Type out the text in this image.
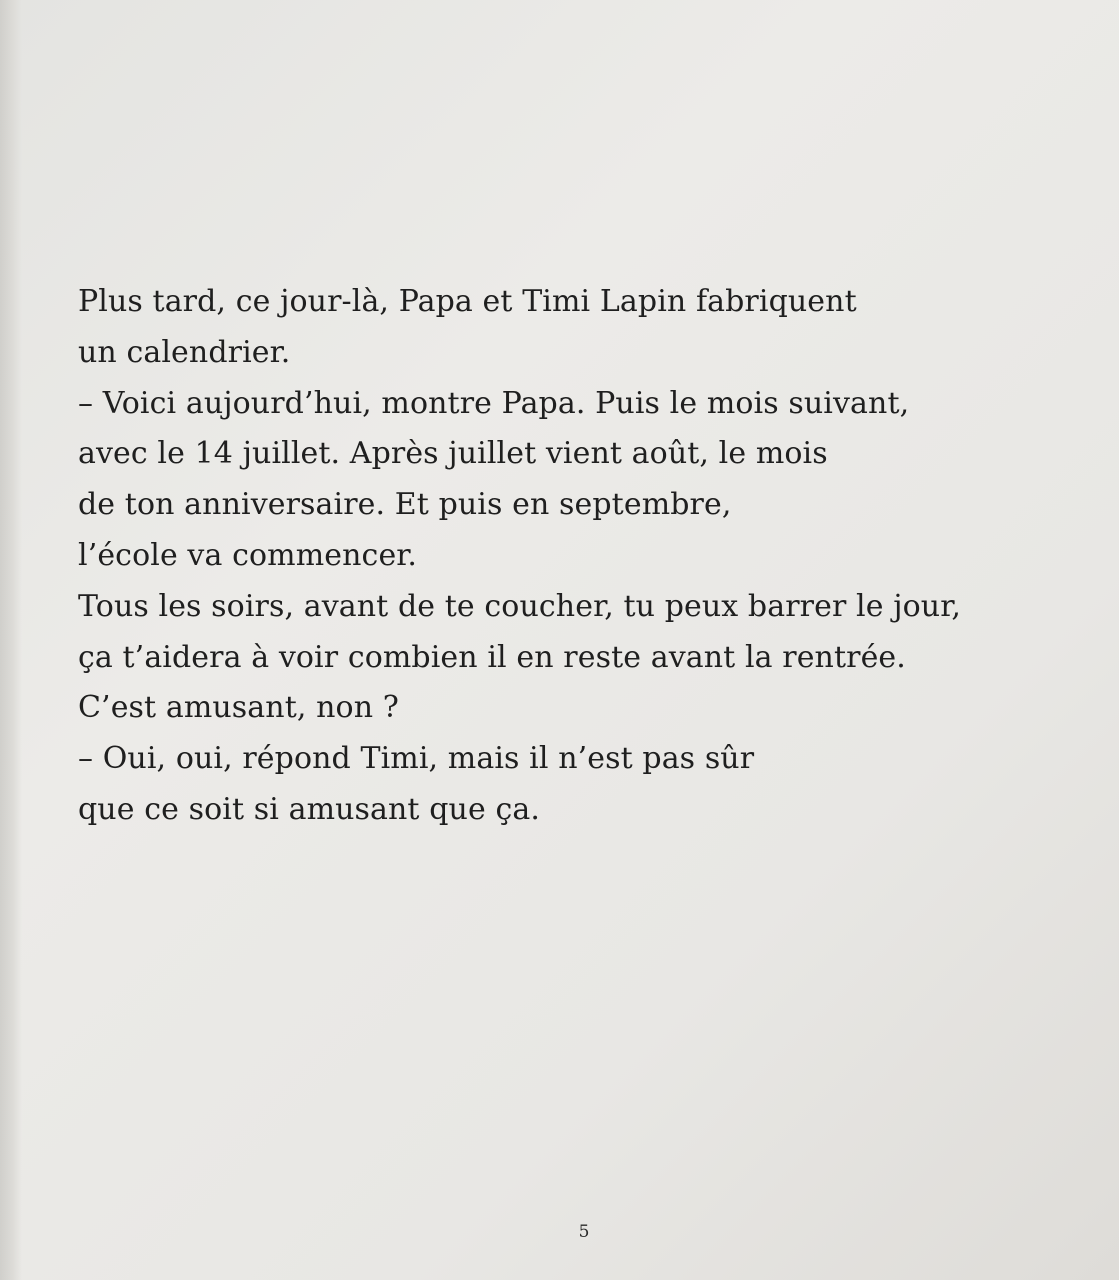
Plus tard, ce jour-là, Papa et Timi Lapin fabriquent
un calendrier.
– Voici aujourd’hui, montre Papa. Puis le mois suivant,
avec le 14 juillet. Après juillet vient août, le mois
de ton anniversaire. Et puis en septembre,
l’école va commencer.
Tous les soirs, avant de te coucher, tu peux barrer le jour,
ça t’aidera à voir combien il en reste avant la rentrée.
C’est amusant, non ?
– Oui, oui, répond Timi, mais il n’est pas sûr
que ce soit si amusant que ça.
5
